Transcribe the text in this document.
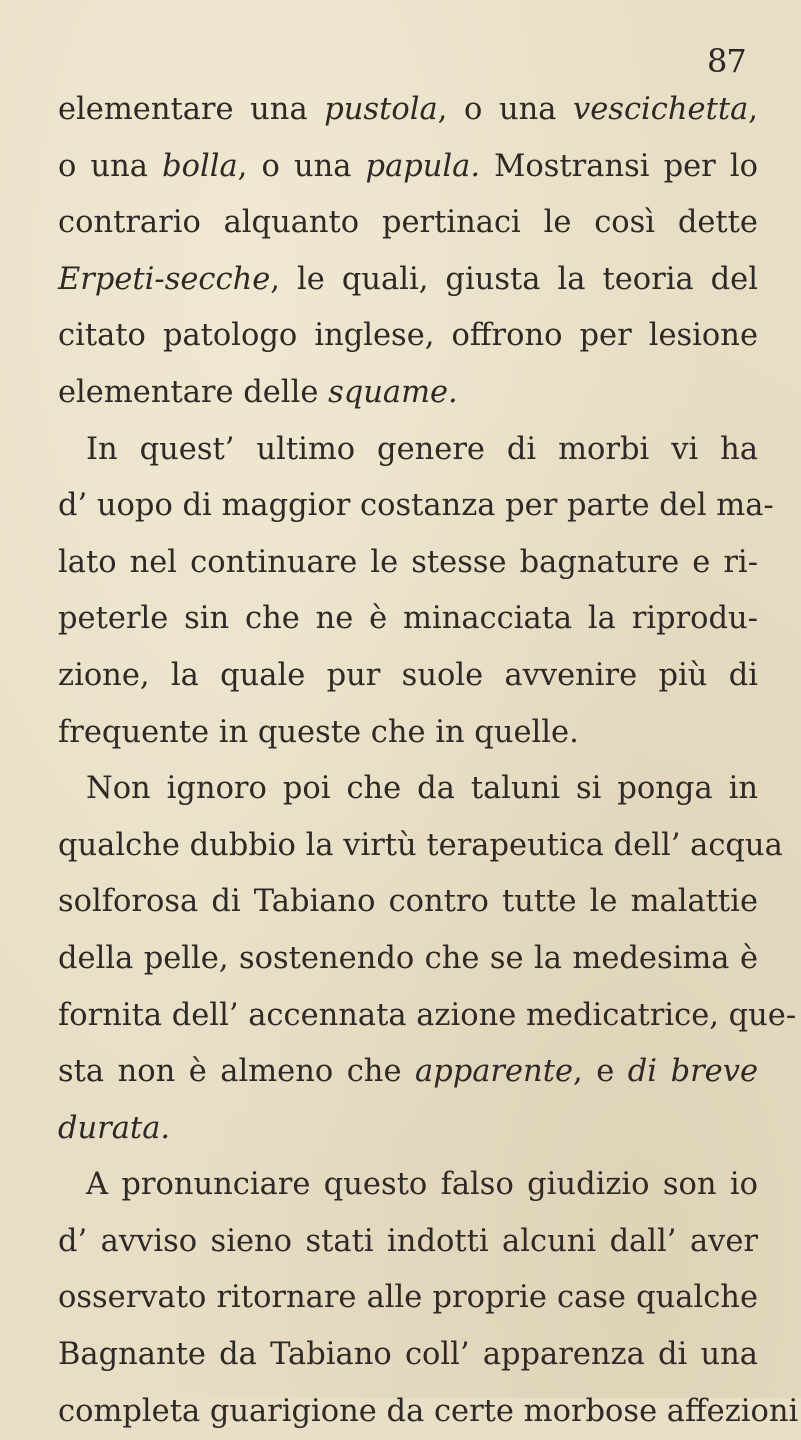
87
elementare una pustola, o una vescichetta,
o una bolla, o una papula. Mostransi per lo
contrario alquanto pertinaci le così dette
Erpeti-secche, le quali, giusta la teoria del
citato patologo inglese, offrono per lesione
elementare delle squame.
In quest’ ultimo genere di morbi vi ha
d’ uopo di maggior costanza per parte del ma-
lato nel continuare le stesse bagnature e ri-
peterle sin che ne è minacciata la riprodu-
zione, la quale pur suole avvenire più di
frequente in queste che in quelle.
Non ignoro poi che da taluni si ponga in
qualche dubbio la virtù terapeutica dell’ acqua
solforosa di Tabiano contro tutte le malattie
della pelle, sostenendo che se la medesima è
fornita dell’ accennata azione medicatrice, que-
sta non è almeno che apparente, e di breve
durata.
A pronunciare questo falso giudizio son io
d’ avviso sieno stati indotti alcuni dall’ aver
osservato ritornare alle proprie case qualche
Bagnante da Tabiano coll’ apparenza di una
completa guarigione da certe morbose affezioni
